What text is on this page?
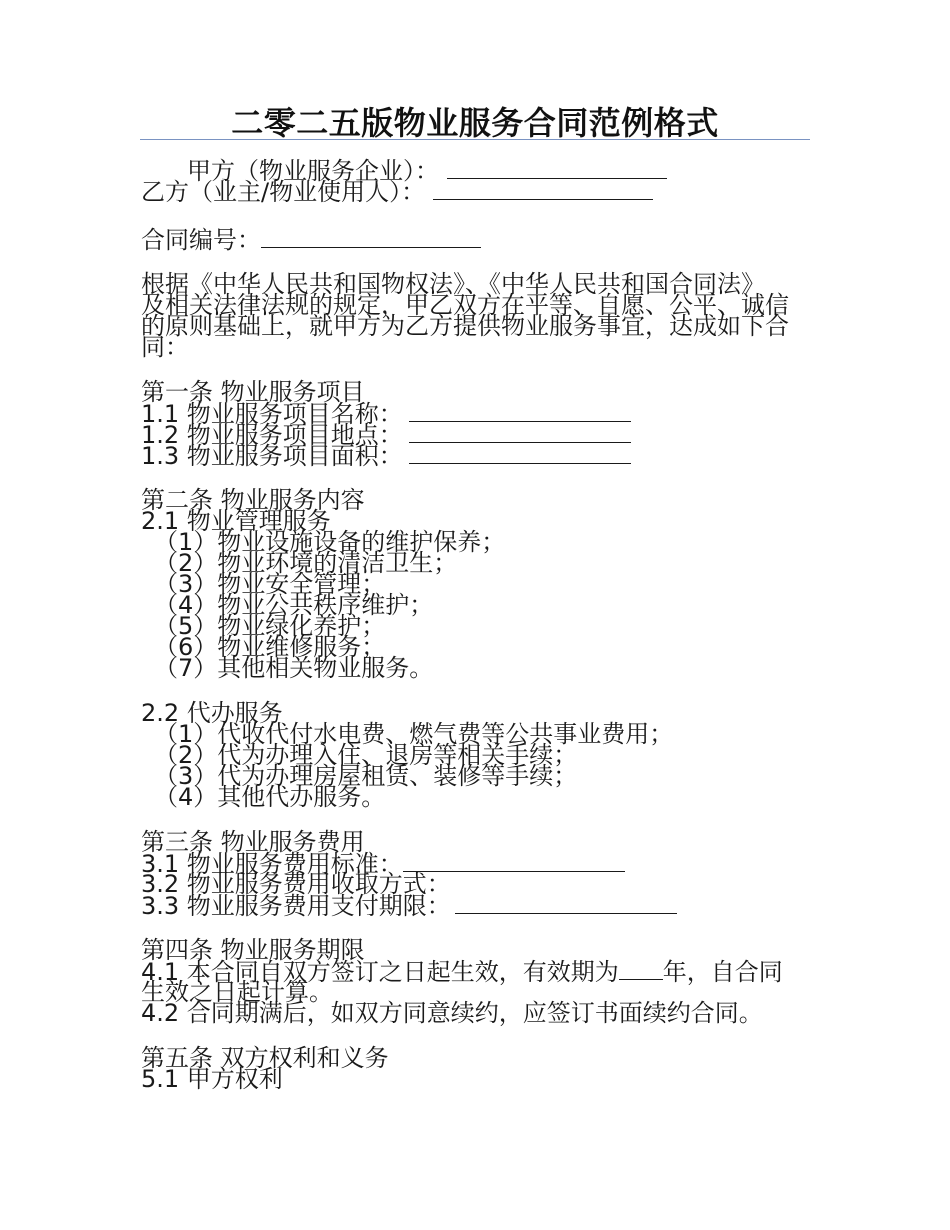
二零二五版物业服务合同范例格式
甲方（物业服务企业）：
乙方（业主/物业使用人）：
合同编号：
根据《中华人民共和国物权法》、《中华人民共和国合同法》
及相关法律法规的规定，甲乙双方在平等、自愿、公平、诚信
的原则基础上，就甲方为乙方提供物业服务事宜，达成如下合
同：
第一条 物业服务项目
1.1 物业服务项目名称：
1.2 物业服务项目地点：
1.3 物业服务项目面积：
第二条 物业服务内容
2.1 物业管理服务
（1）物业设施设备的维护保养；
（2）物业环境的清洁卫生；
（3）物业安全管理；
（4）物业公共秩序维护；
（5）物业绿化养护；
（6）物业维修服务；
（7）其他相关物业服务。
2.2 代办服务
（1）代收代付水电费、燃气费等公共事业费用；
（2）代为办理入住、退房等相关手续；
（3）代为办理房屋租赁、装修等手续；
（4）其他代办服务。
第三条 物业服务费用
3.1 物业服务费用标准：
3.2 物业服务费用收取方式：
3.3 物业服务费用支付期限：
第四条 物业服务期限
4.1 本合同自双方签订之日起生效，有效期为 年，自合同
生效之日起计算。
4.2 合同期满后，如双方同意续约，应签订书面续约合同。
第五条 双方权利和义务
5.1 甲方权利
